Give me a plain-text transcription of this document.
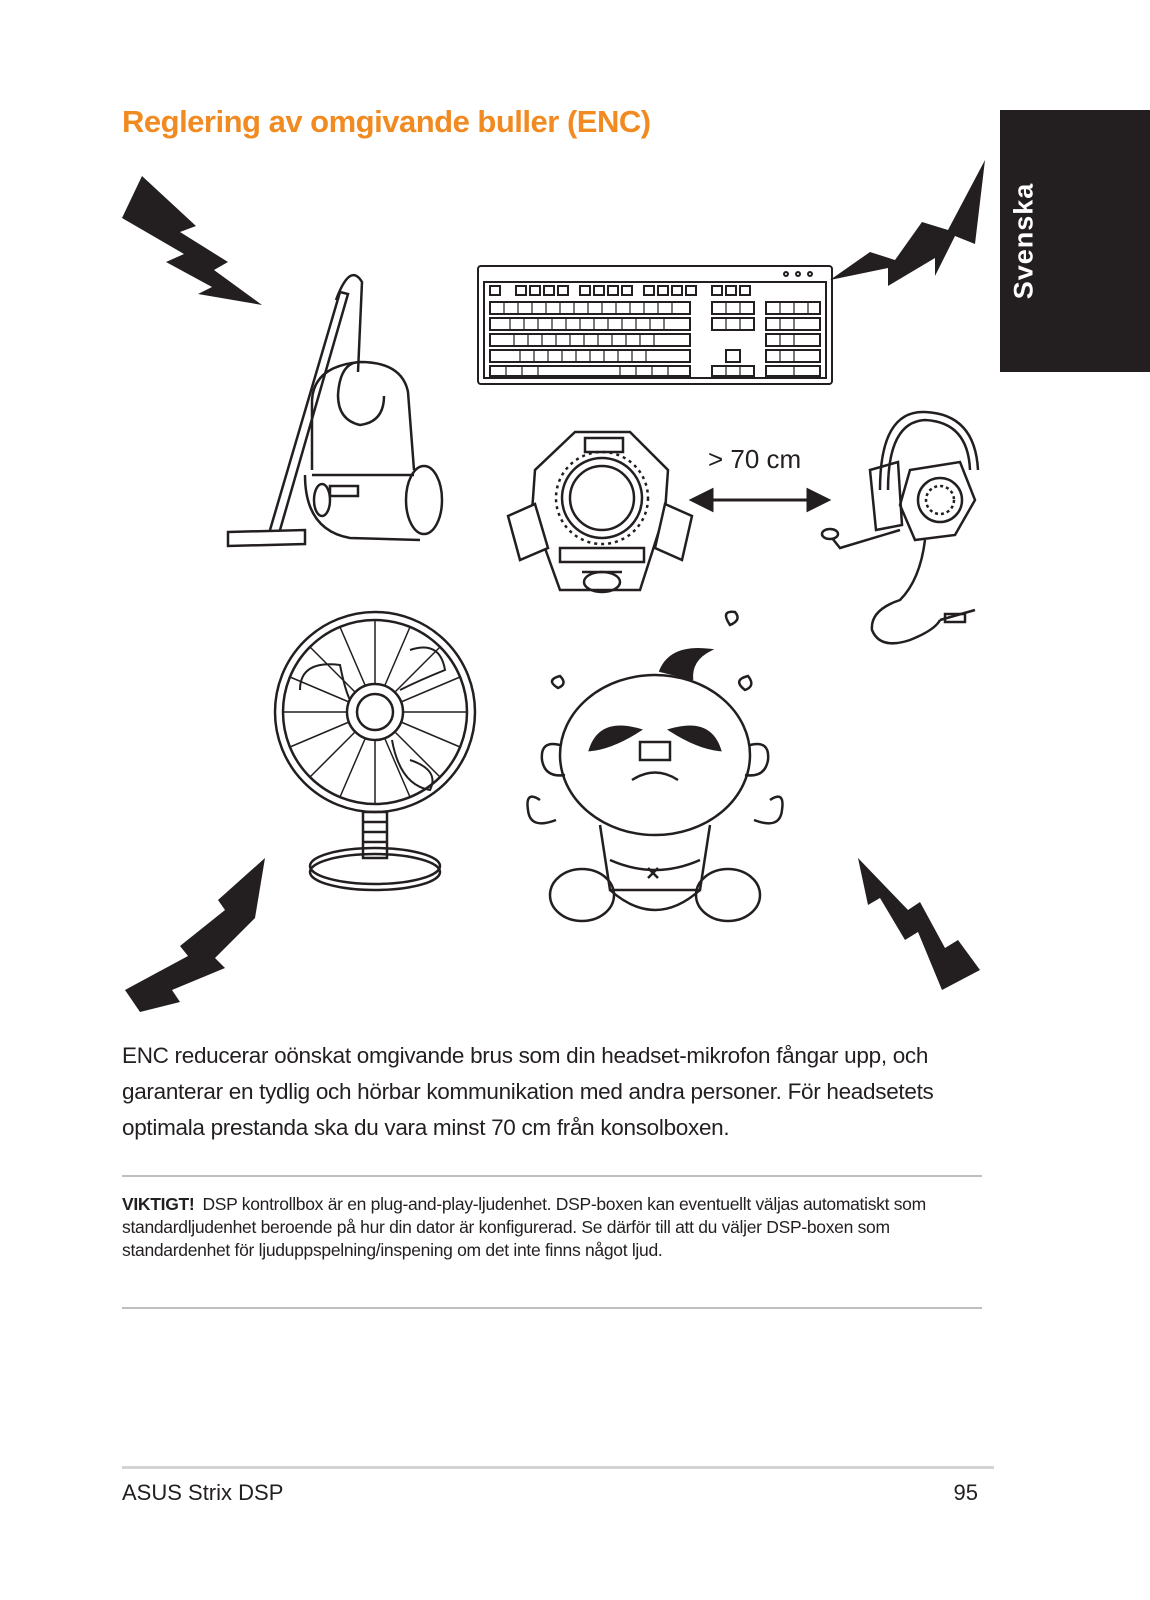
Reglering av omgivande buller (ENC)
Svenska
> 70 cm

ENC reducerar oönskat omgivande brus som din headset-mikrofon fångar upp, och garanterar en tydlig och hörbar kommunikation med andra personer. För headsetets optimala prestanda ska du vara minst 70 cm från konsolboxen.

VIKTIGT! DSP kontrollbox är en plug-and-play-ljudenhet. DSP-boxen kan eventuellt väljas automatiskt som standardljudenhet beroende på hur din dator är konfigurerad. Se därför till att du väljer DSP-boxen som standardenhet för ljuduppspelning/inspening om det inte finns något ljud.

ASUS Strix DSP	95
